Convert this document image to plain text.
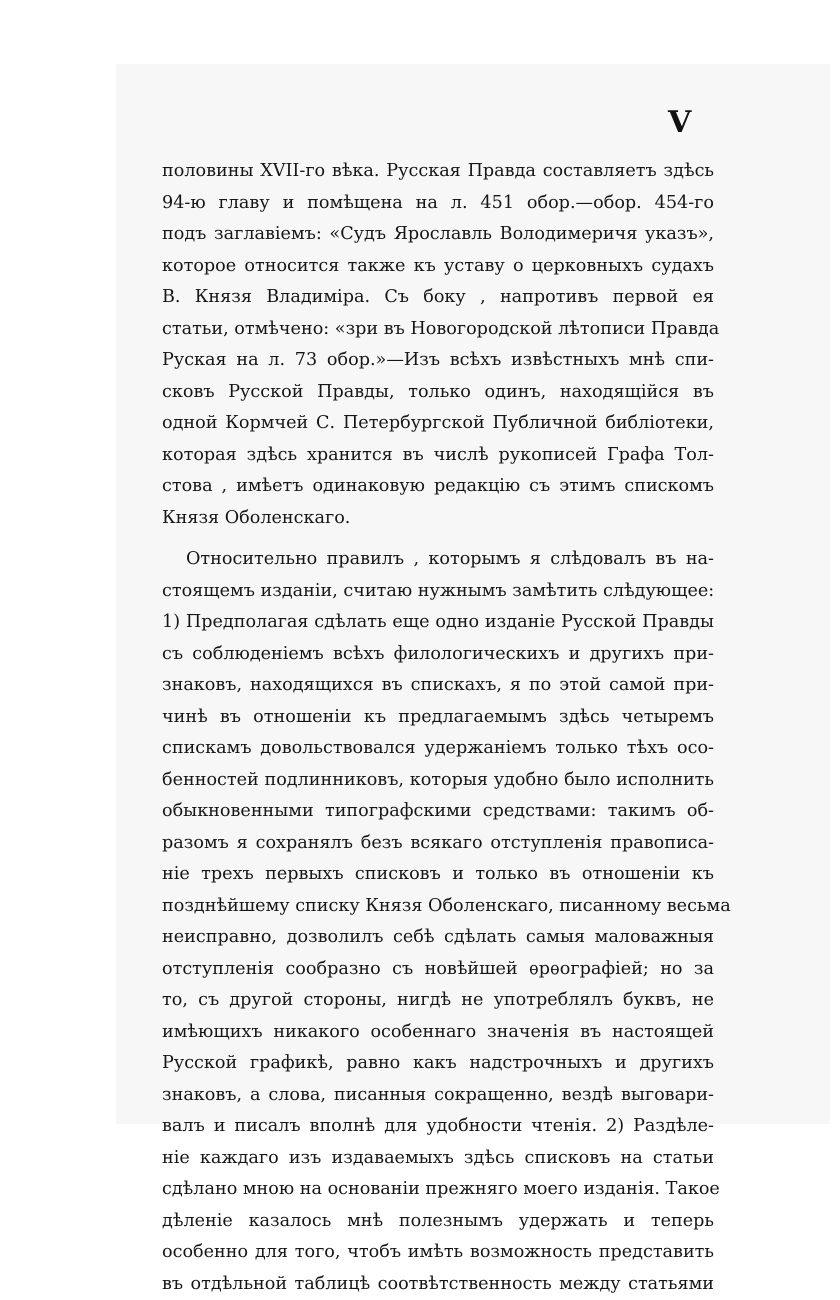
V

половины XVII-го вѣка. Русская Правда составляетъ здѣсь
94-ю главу и помѣщена на л. 451 обор.—обор. 454-го
подъ заглавіемъ: «Судъ Ярославль Володимеричя указъ»,
которое относится также къ уставу о церковныхъ судахъ
В. Князя Владиміра. Съ боку , напротивъ первой ея
статьи, отмѣчено: «зри въ Новогородской лѣтописи Правда
Руская на л. 73 обор.»—Изъ всѣхъ извѣстныхъ мнѣ спи-
сковъ Русской Правды, только одинъ, находящійся въ
одной Кормчей С. Петербургской Публичной библіотеки,
которая здѣсь хранится въ числѣ рукописей Графа Тол-
стова , имѣетъ одинаковую редакцію съ этимъ спискомъ
Князя Оболенскаго.

Относительно правилъ , которымъ я слѣдовалъ въ на-
стоящемъ изданіи, считаю нужнымъ замѣтить слѣдующее:
1) Предполагая сдѣлать еще одно изданіе Русской Правды
съ соблюденіемъ всѣхъ филологическихъ и другихъ при-
знаковъ, находящихся въ спискахъ, я по этой самой при-
чинѣ въ отношеніи къ предлагаемымъ здѣсь четыремъ
спискамъ довольствовался удержаніемъ только тѣхъ осо-
бенностей подлинниковъ, которыя удобно было исполнить
обыкновенными типографскими средствами: такимъ об-
разомъ я сохранялъ безъ всякаго отступленія правописа-
ніе трехъ первыхъ списковъ и только въ отношеніи къ
позднѣйшему списку Князя Оболенскаго, писанному весьма
неисправно, дозволилъ себѣ сдѣлать самыя маловажныя
отступленія сообразно съ новѣйшей ѳрѳографіей; но за
то, съ другой стороны, нигдѣ не употреблялъ буквъ, не
имѣющихъ никакого особеннаго значенія въ настоящей
Русской графикѣ, равно какъ надстрочныхъ и другихъ
знаковъ, а слова, писанныя сокращенно, вездѣ выговари-
валъ и писалъ вполнѣ для удобности чтенія. 2) Раздѣле-
ніе каждаго изъ издаваемыхъ здѣсь списковъ на статьи
сдѣлано мною на основаніи прежняго моего изданія. Такое
дѣленіе казалось мнѣ полезнымъ удержать и теперь
особенно для того, чтобъ имѣть возможность представить
въ отдѣльной таблицѣ соотвѣтственность между статьями
